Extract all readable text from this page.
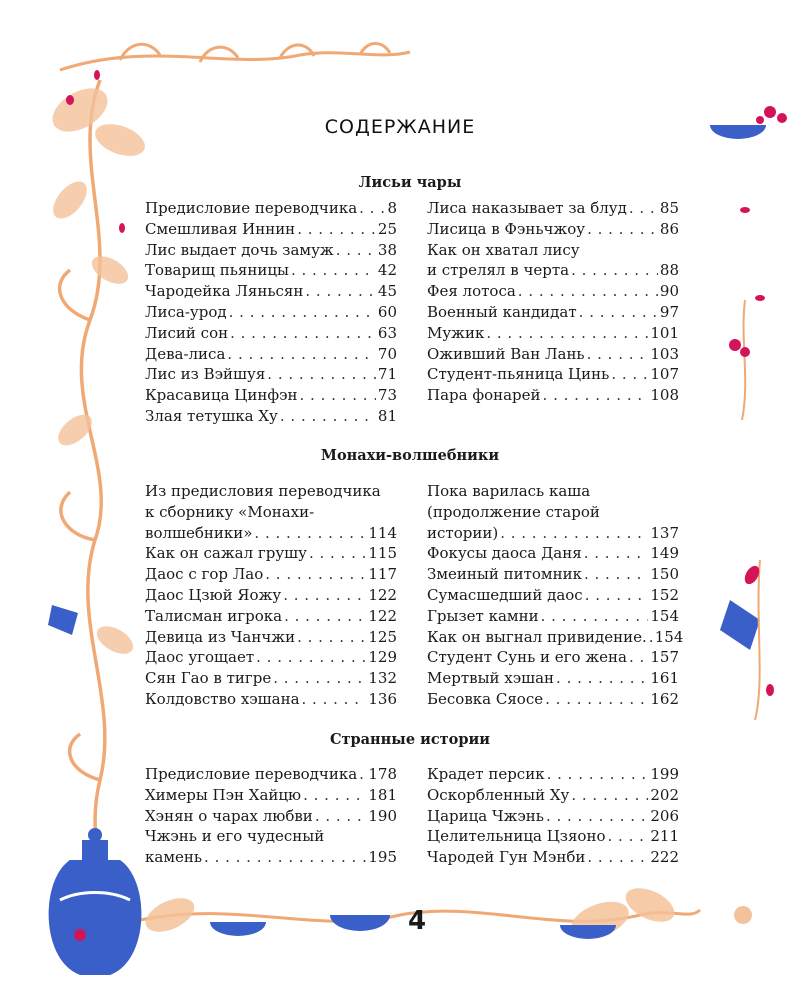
СОДЕРЖАНИЕ
Лисьи чары
Предисловие переводчика . . . 8
Смешливая Иннин . . .	25
Лис выдает дочь замуж . . .	38
Товарищ пьяницы . . .	42
Чародейка Ляньсян . . .	45
Лиса-урод . . .	60
Лисий сон . . .	63
Дева-лиса . . .	70
Лис из Вэйшуя . . .	71
Красавица Цинфэн . . .	73
Злая тетушка Ху . . .	81
Лиса наказывает за блуд . . . 85
Лисица в Фэньчжоу . . .	86
Как он хватал лису
и стрелял в черта . . .	88
Фея лотоса . . .	90
Военный кандидат . . .	97
Мужик . . .	101
Оживший Ван Лань . . .	103
Студент-пьяница Цинь . . .	107
Пара фонарей . . .	108
Монахи-волшебники
Из предисловия переводчика
к сборнику «Монахи-
волшебники» . . .	114
Как он сажал грушу . . .	115
Даос с гор Лао . . .	117
Даос Цзюй Яожу . . .	122
Талисман игрока . . .	122
Девица из Чанчжи . . .	125
Даос угощает . . .	129
Сян Гао в тигре . . .	132
Колдовство хэшана . . .	136
Пока варилась каша
(продолжение старой
истории) . . .	137
Фокусы даоса Даня . . .	149
Змеиный питомник . . .	150
Сумасшедший даос . . .	152
Грызет камни . . .	154
Как он выгнал привидение. . . . 154
Студент Сунь и его жена . . . 157
Мертвый хэшан . . .	161
Бесовка Сяосе . . .	162
Странные истории
Предисловие переводчика . . . 178
Химеры Пэн Хайцю . . .	181
Хэнян о чарах любви . . .	190
Чжэнь и его чудесный
камень . . .	195
Крадет персик . . .	199
Оскорбленный Ху . . .	202
Царица Чжэнь . . .	206
Целительница Цзяоно . . .	211
Чародей Гун Мэнби . . .	222
4
